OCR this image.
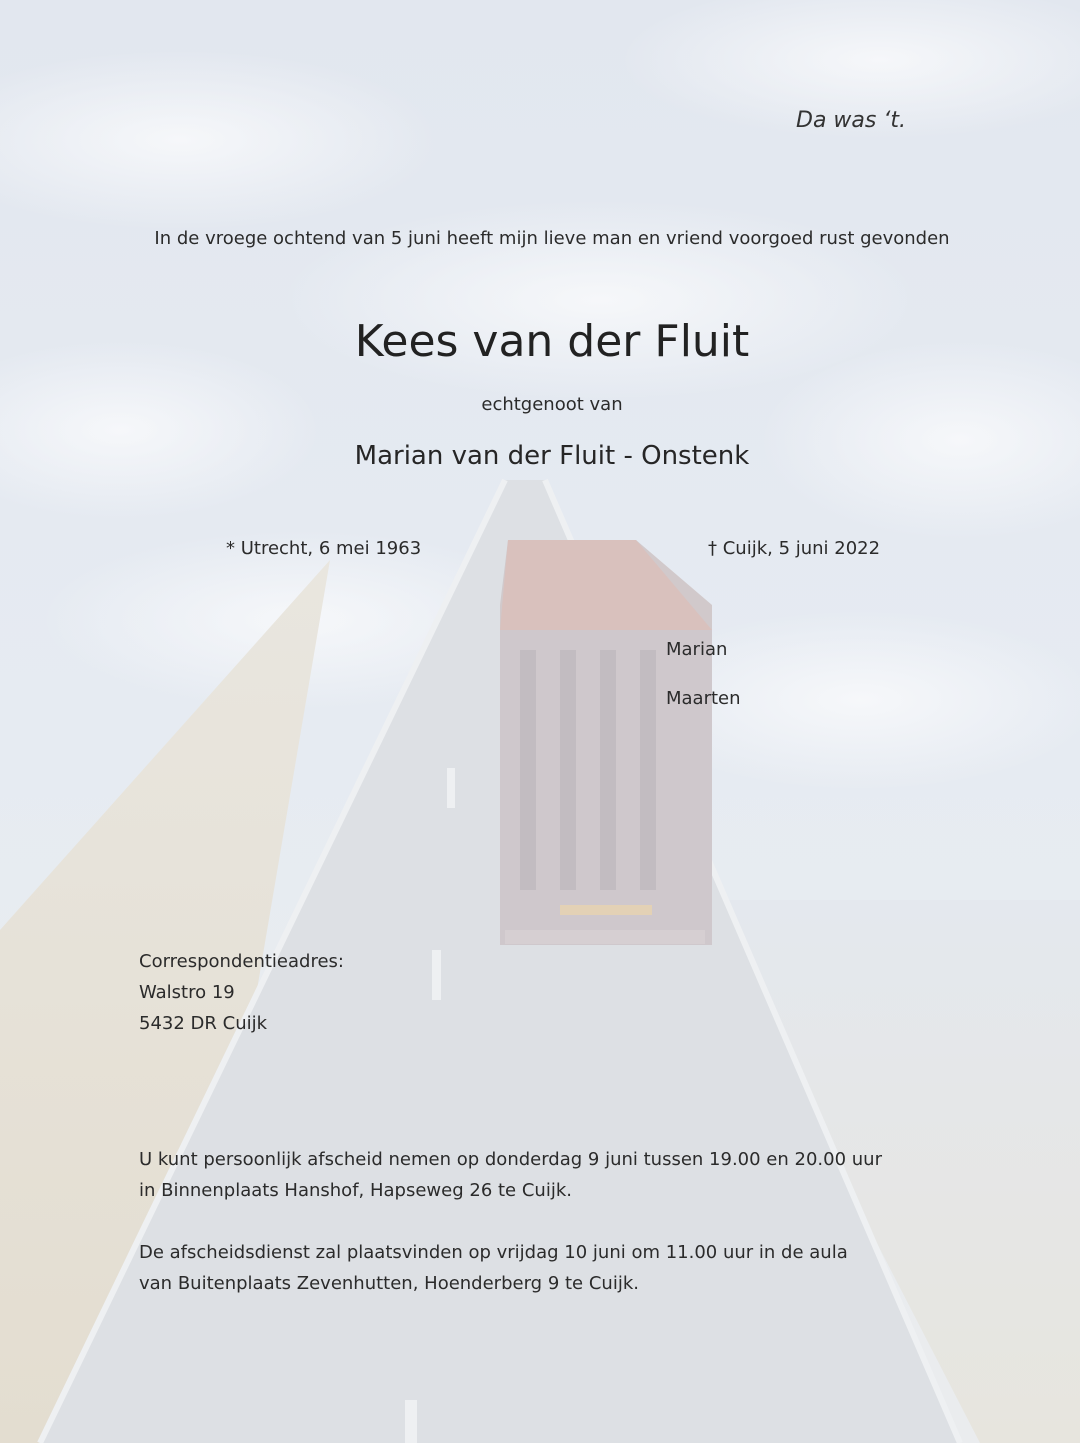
Da was ‘t.
In de vroege ochtend van 5 juni heeft mijn lieve man en vriend voorgoed rust gevonden
Kees van der Fluit
echtgenoot van
Marian van der Fluit - Onstenk
* Utrecht, 6 mei 1963	† Cuijk, 5 juni 2022
Marian
Maarten
Correspondentieadres:
Walstro 19
5432 DR Cuijk
U kunt persoonlijk afscheid nemen op donderdag 9 juni tussen 19.00 en 20.00 uur
in Binnenplaats Hanshof, Hapseweg 26 te Cuijk.
De afscheidsdienst zal plaatsvinden op vrijdag 10 juni om 11.00 uur in de aula
van Buitenplaats Zevenhutten, Hoenderberg 9 te Cuijk.
